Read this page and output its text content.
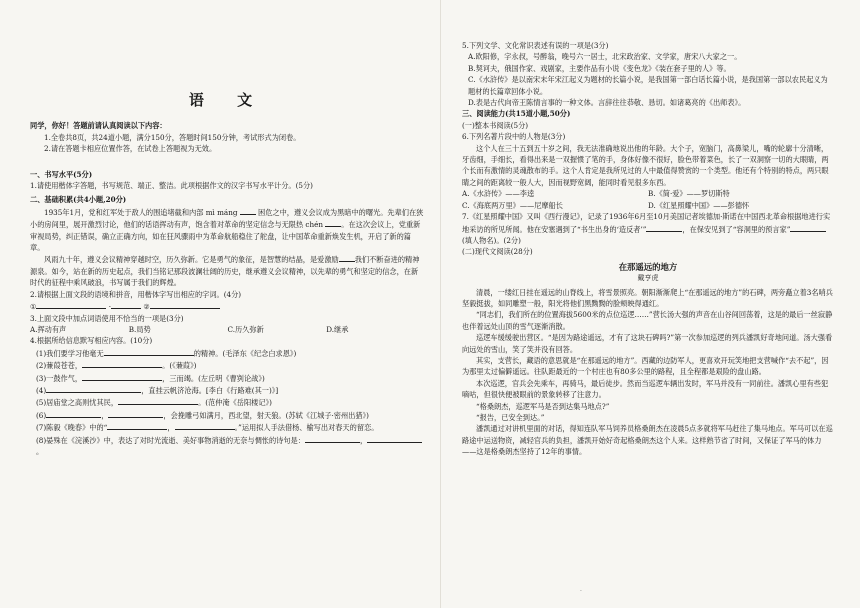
·
语 文

同学，你好！答题前请认真阅读以下内容：

1.全卷共8页，共24道小题，满分150分，答题时间150分钟，考试形式为闭卷。

2.请在答题卡相应位置作答，在试卷上答题视为无效。

一、书写水平(5分)

1.请使用楷体字答题，书写规范、端正、整洁。此项根据作文的汉字书写水平计分。(5分)

二、基础积累(共4小题,20分)

1935年1月，党和红军处于敌人的围追堵截和内部 mì máng  困危之中，遵义会议成为黑暗中的曙光。先辈们在狭小的房间里，展开激烈讨论，他们的话语挥动有声，饱含着对革命的坚定信念与无限热 chén 。在这次会议上，党重新审视局势，纠正错误，确立正确方向，如在狂风骤雨中为革命航船稳住了舵盘，让中国革命重新焕发生机，开启了新的篇章。

风雨九十年，遵义会议精神穿越时空，历久弥新。它是勇气的象征，是智慧的结晶，是爱激励 我们不断奋进的精神源泉。如今，站在新的历史起点，我们当铭记那段波澜壮阔的历史，继承遵义会议精神，以先辈的勇气和坚定的信念，在新时代的征程中乘风破浪，书写属于我们的辉煌。

2.请根据上面文段的语境和拼音，用楷体字写出相应的字词。(4分)

①	·	②

3.上面文段中加点词语使用不恰当的一项是(3分)

A.挥动有声	B.局势	C.历久弥新	D.继承

4.根据所给信息默写相应内容。(10分)

(1)我们要学习他毫无	的精神。(毛泽东《纪念白求恩》)

(2)蒹葭苍苍，	。(《蒹葭》)

(3)一鼓作气，	，三而竭。(左丘明《曹刿论战》)

(4)	，直挂云帆济沧海。[李白《行路难(其一)》]

(5)居庙堂之高则忧其民，	。(范仲淹《岳阳楼记》)

(6)	，	，会挽雕弓如满月，西北望，射天狼。(苏轼《江城子·密州出猎》)

(7)陈毅《晚春》中的“	，	。”运用拟人手法借杨、榆写出对春天的留恋。

(8)晏殊在《浣溪沙》中，表达了对时光流逝、美好事物消逝的无奈与惆怅的诗句是：	，。

5.下列文学、文化常识表述有误的一项是(3分)

A.欧阳修，字永叔，号醉翁，晚号六一居士，北宋政治家、文学家，唐宋八大家之一。

B.契诃夫，俄国作家、戏剧家，主要作品有小说《变色龙》《装在套子里的人》等。

C.《水浒传》是以南宋末年宋江起义为题材的长篇小说，是我国第一部白话长篇小说，是我国第一部以农民起义为题材的长篇章回体小说。

D.表是古代向帝王陈情言事的一种文体。言辞往往恭敬、恳切。如诸葛亮的《出师表》。

三、阅读能力(共15道小题,50分)

(一)整本书阅读(5分)

6.下列名著片段中的人物是(3分)

这个人在三十五到五十岁之间，我无法准确地说出他的年龄。大个子，宽脑门，高鼻梁儿，嘴的轮廓十分清晰，牙齿细，手细长，看得出来是一双握惯了笔的手，身体好像不很好，脸色带着菜色，长了一双洞察一切的大眼睛，两个长而有激情的灵魂散布的手。这个人肯定是我所见过的人中最值得赞赏的一个类型。他还有个特别的特点，两只眼睛之间的距离较一般人大，因而视野宽阔，能同时看见很多东西。

A.《水浒传》——李逵	B.《简·爱》——罗切斯特
C.《海底两万里》——尼摩船长	D.《红星照耀中国》——彭德怀

7.《红星照耀中国》又叫《西行漫记》，记录了1936年6月至10月美国记者埃德加·斯诺在中国西北革命根据地进行实地采访的所见所闻。他在安塞遇到了“书生出身的‘造反者’”	，在保安见到了“容洞里的预言家”(填人物名)。(2分)

(二)现代文阅读(28分)

在那遥远的地方
戴亨虎

清晨，一缕红日挂在遥远的山脊线上，将雪景照亮。朝阳渐渐爬上“在那遥远的地方”的石碑，两旁矗立着3名哨兵坚毅挺拔，如同雕塑一般，阳光将他们黑黝黝的脸颊映得通红。

“同志们，我们所在的位置海拔5600米的点位巡逻……”营长汤大强的声音在山谷间回荡着，这是的最后一丝寂静也伴着远处山顶的雪气逐渐消散。

巡逻车缓缓驶出营区。“是因为路途遥远，才有了这块石碑吗?”第一次参加巡逻的列兵潘凯好奇地问道。汤大强看向远处的雪山，笑了笑并没有回答。

其实，支营长，藏语的意思就是“在那遥远的地方”。西藏的边防军人，更喜欢开玩笑地把支营喊作“去不起”，因为那里太过偏僻遥远。往队距最近的一个村庄也有80多公里的路程，且全程都是艰险的盘山路。

本次巡逻，官兵会先乘车，再骑马，最后徒步。然而当巡逻车辆出发时，军马并没有一同前往。潘凯心里有些犯嘀咕，但很快便被眼前的景象转移了注意力。

“格桑朗杰，巡逻军马是否到达集马地点?”

“报告，已安全到达。”

潘凯通过对讲机里面的对话，得知连队军马饲养员格桑朗杰在凌晨5点多就将军马赶往了集马地点。军马可以在巡路途中运送物资，减轻官兵的负担，潘凯开始好奇起格桑朗杰这个人来。这样熟节省了时间，又保证了军马的体力——这是格桑朗杰坚持了12年的事情。
